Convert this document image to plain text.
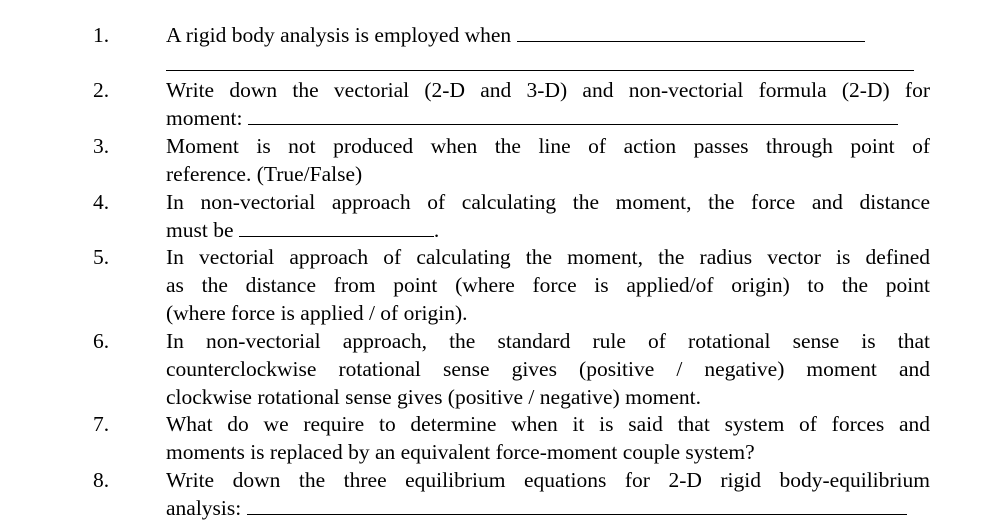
1.	A rigid body analysis is employed when
2.	Write down the vectorial (2-D and 3-D) and non-vectorial formula (2-D) for
moment:
3.	Moment is not produced when the line of action passes through point of
reference. (True/False)
4.	In non-vectorial approach of calculating the moment, the force and distance
must be	.
5.	In vectorial approach of calculating the moment, the radius vector is defined
as the distance from point (where force is applied/of origin) to the point
(where force is applied / of origin).
6.	In non-vectorial approach, the standard rule of rotational sense is that
counterclockwise rotational sense gives (positive / negative) moment and
clockwise rotational sense gives (positive / negative) moment.
7.	What do we require to determine when it is said that system of forces and
moments is replaced by an equivalent force-moment couple system?
8.	Write down the three equilibrium equations for 2-D rigid body-equilibrium
analysis:
